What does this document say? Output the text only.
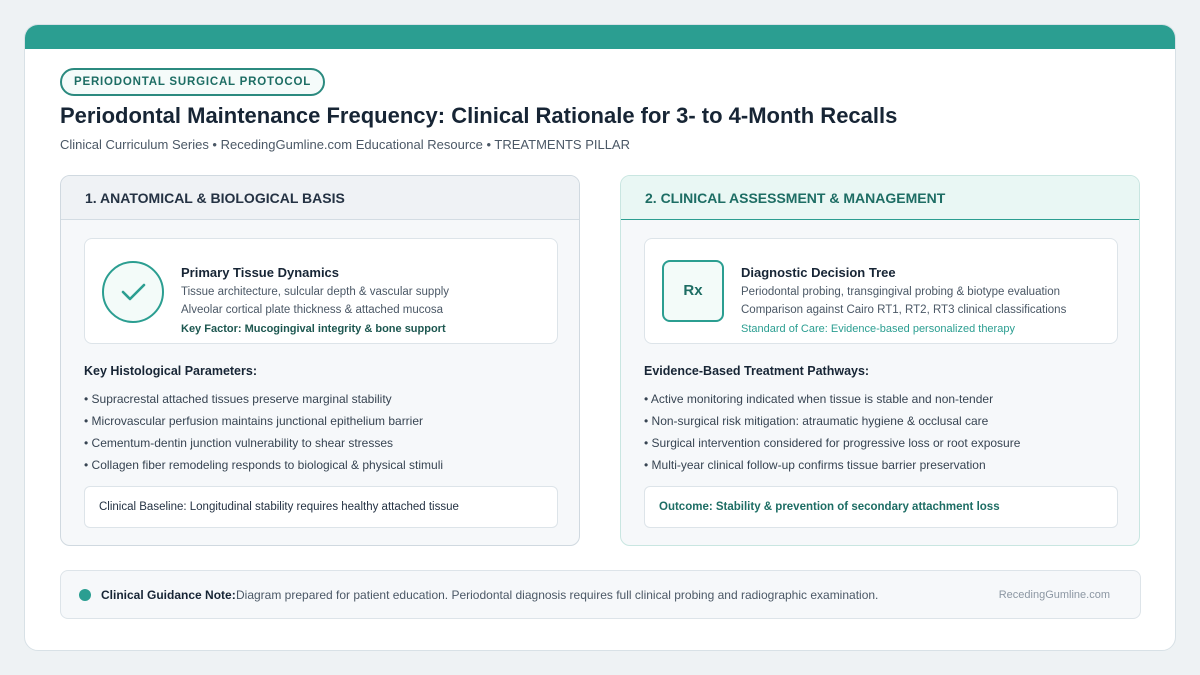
PERIODONTAL SURGICAL PROTOCOL
Periodontal Maintenance Frequency: Clinical Rationale for 3- to 4-Month Recalls
Clinical Curriculum Series • RecedingGumline.com Educational Resource • TREATMENTS PILLAR
1. ANATOMICAL & BIOLOGICAL BASIS
Primary Tissue Dynamics
Tissue architecture, sulcular depth & vascular supply
Alveolar cortical plate thickness & attached mucosa
Key Factor: Mucogingival integrity & bone support
Key Histological Parameters:
• Supracrestal attached tissues preserve marginal stability
• Microvascular perfusion maintains junctional epithelium barrier
• Cementum-dentin junction vulnerability to shear stresses
• Collagen fiber remodeling responds to biological & physical stimuli
Clinical Baseline: Longitudinal stability requires healthy attached tissue
2. CLINICAL ASSESSMENT & MANAGEMENT
Rx
Diagnostic Decision Tree
Periodontal probing, transgingival probing & biotype evaluation
Comparison against Cairo RT1, RT2, RT3 clinical classifications
Standard of Care: Evidence-based personalized therapy
Evidence-Based Treatment Pathways:
• Active monitoring indicated when tissue is stable and non-tender
• Non-surgical risk mitigation: atraumatic hygiene & occlusal care
• Surgical intervention considered for progressive loss or root exposure
• Multi-year clinical follow-up confirms tissue barrier preservation
Outcome: Stability & prevention of secondary attachment loss
Clinical Guidance Note: Diagram prepared for patient education. Periodontal diagnosis requires full clinical probing and radiographic examination.	RecedingGumline.com
